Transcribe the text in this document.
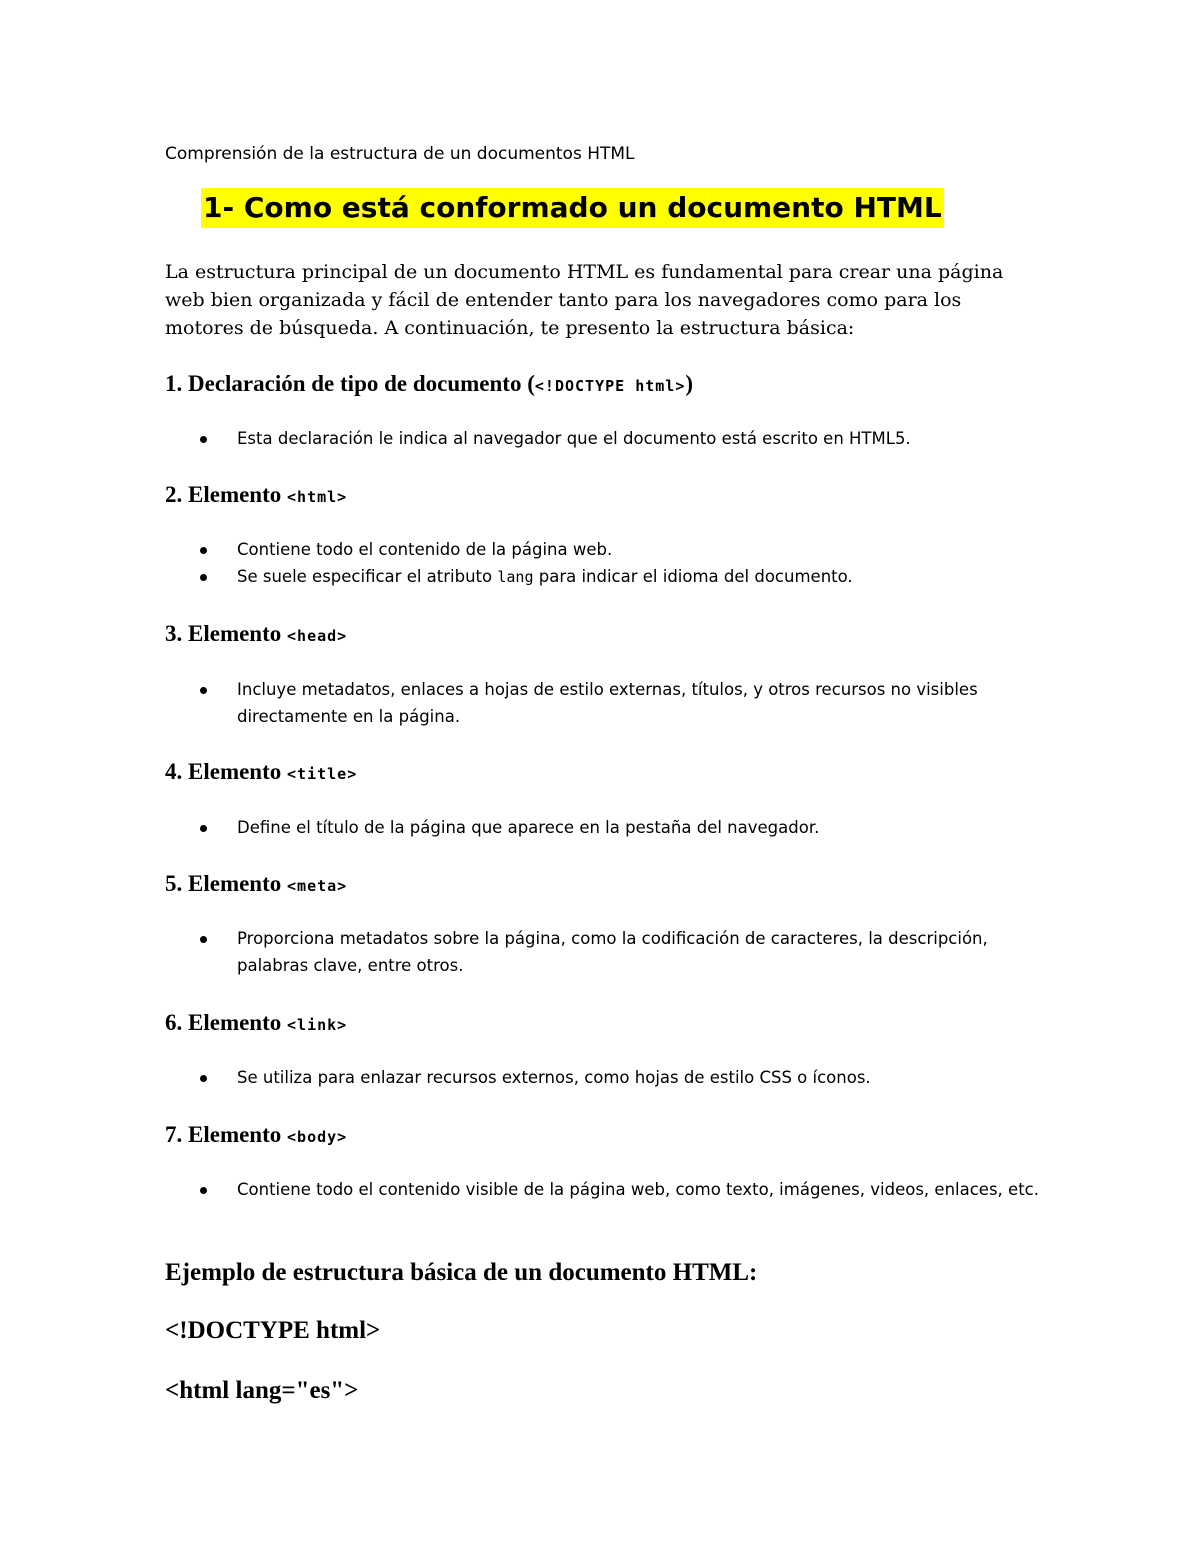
Comprensión de la estructura de un documentos HTML
1- Como está conformado un documento HTML
La estructura principal de un documento HTML es fundamental para crear una página web bien organizada y fácil de entender tanto para los navegadores como para los motores de búsqueda. A continuación, te presento la estructura básica:
1. Declaración de tipo de documento (<!DOCTYPE html>)
Esta declaración le indica al navegador que el documento está escrito en HTML5.
2. Elemento <html>
Contiene todo el contenido de la página web.
Se suele especificar el atributo lang para indicar el idioma del documento.
3. Elemento <head>
Incluye metadatos, enlaces a hojas de estilo externas, títulos, y otros recursos no visibles directamente en la página.
4. Elemento <title>
Define el título de la página que aparece en la pestaña del navegador.
5. Elemento <meta>
Proporciona metadatos sobre la página, como la codificación de caracteres, la descripción, palabras clave, entre otros.
6. Elemento <link>
Se utiliza para enlazar recursos externos, como hojas de estilo CSS o íconos.
7. Elemento <body>
Contiene todo el contenido visible de la página web, como texto, imágenes, videos, enlaces, etc.
Ejemplo de estructura básica de un documento HTML:
<!DOCTYPE html>
<html lang="es">
